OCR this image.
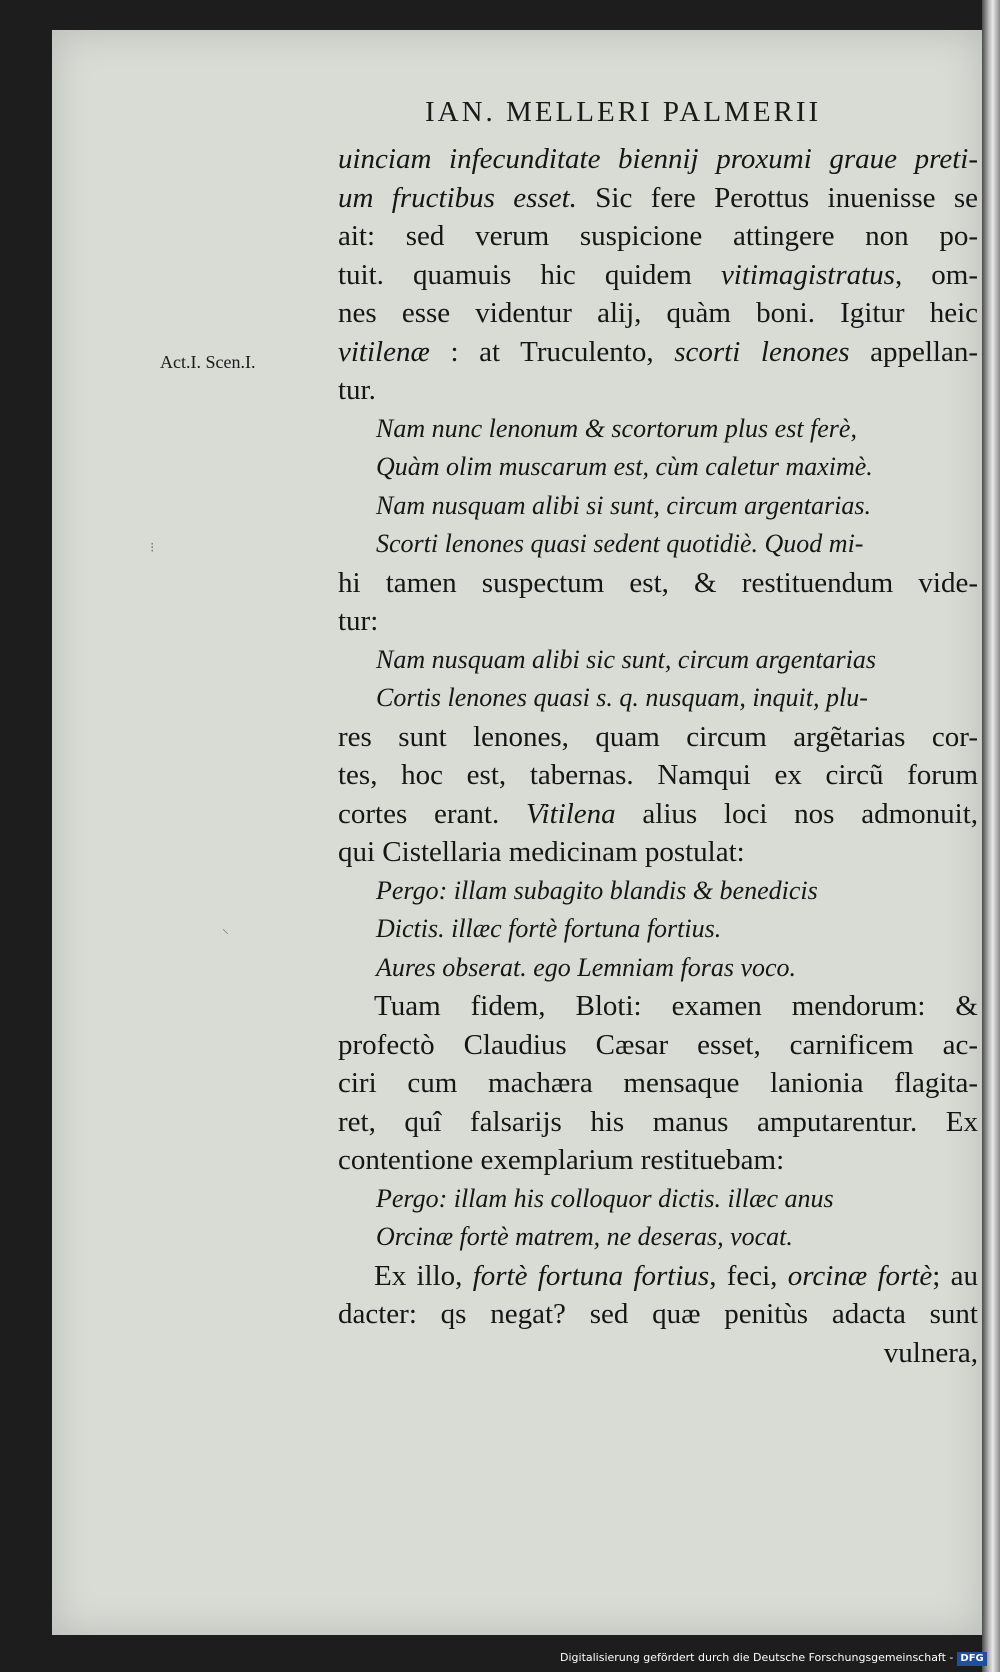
IAN. MELLERI PALMERII
Act.I. Scen.I.
⁝
⸌
uinciam infecunditate biennij proxumi graue preti-
um fructibus esset. Sic fere Perottus inuenisse se
ait: sed verum suspicione attingere non po-
tuit. quamuis hic quidem vitimagistratus, om-
nes esse videntur alij, quàm boni. Igitur heic
vitilenæ : at Truculento, scorti lenones appellan-
tur.
Nam nunc lenonum & scortorum plus est ferè,
Quàm olim muscarum est, cùm caletur maximè.
Nam nusquam alibi si sunt, circum argentarias.
Scorti lenones quasi sedent quotidiè. Quod mi-
hi tamen suspectum est, & restituendum vide-
tur:
Nam nusquam alibi sic sunt, circum argentarias
Cortis lenones quasi s. q. nusquam, inquit, plu-
res sunt lenones, quam circum argẽtarias cor-
tes, hoc est, tabernas. Namqui ex circũ forum
cortes erant. Vitilena alius loci nos admonuit,
qui Cistellaria medicinam postulat:
Pergo: illam subagito blandis & benedicis
Dictis. illæc fortè fortuna fortius.
Aures obserat. ego Lemniam foras voco.
Tuam fidem, Bloti: examen mendorum: &
profectò Claudius Cæsar esset, carnificem ac-
ciri cum machæra mensaque lanionia flagita-
ret, quî falsarijs his manus amputarentur. Ex
contentione exemplarium restituebam:
Pergo: illam his colloquor dictis. illæc anus
Orcinæ fortè matrem, ne deseras, vocat.
Ex illo, fortè fortuna fortius, feci, orcinæ fortè; au
dacter: qs negat? sed quæ penitùs adacta sunt
vulnera,
Digitalisierung gefördert durch die Deutsche Forschungsgemeinschaft - DFG
